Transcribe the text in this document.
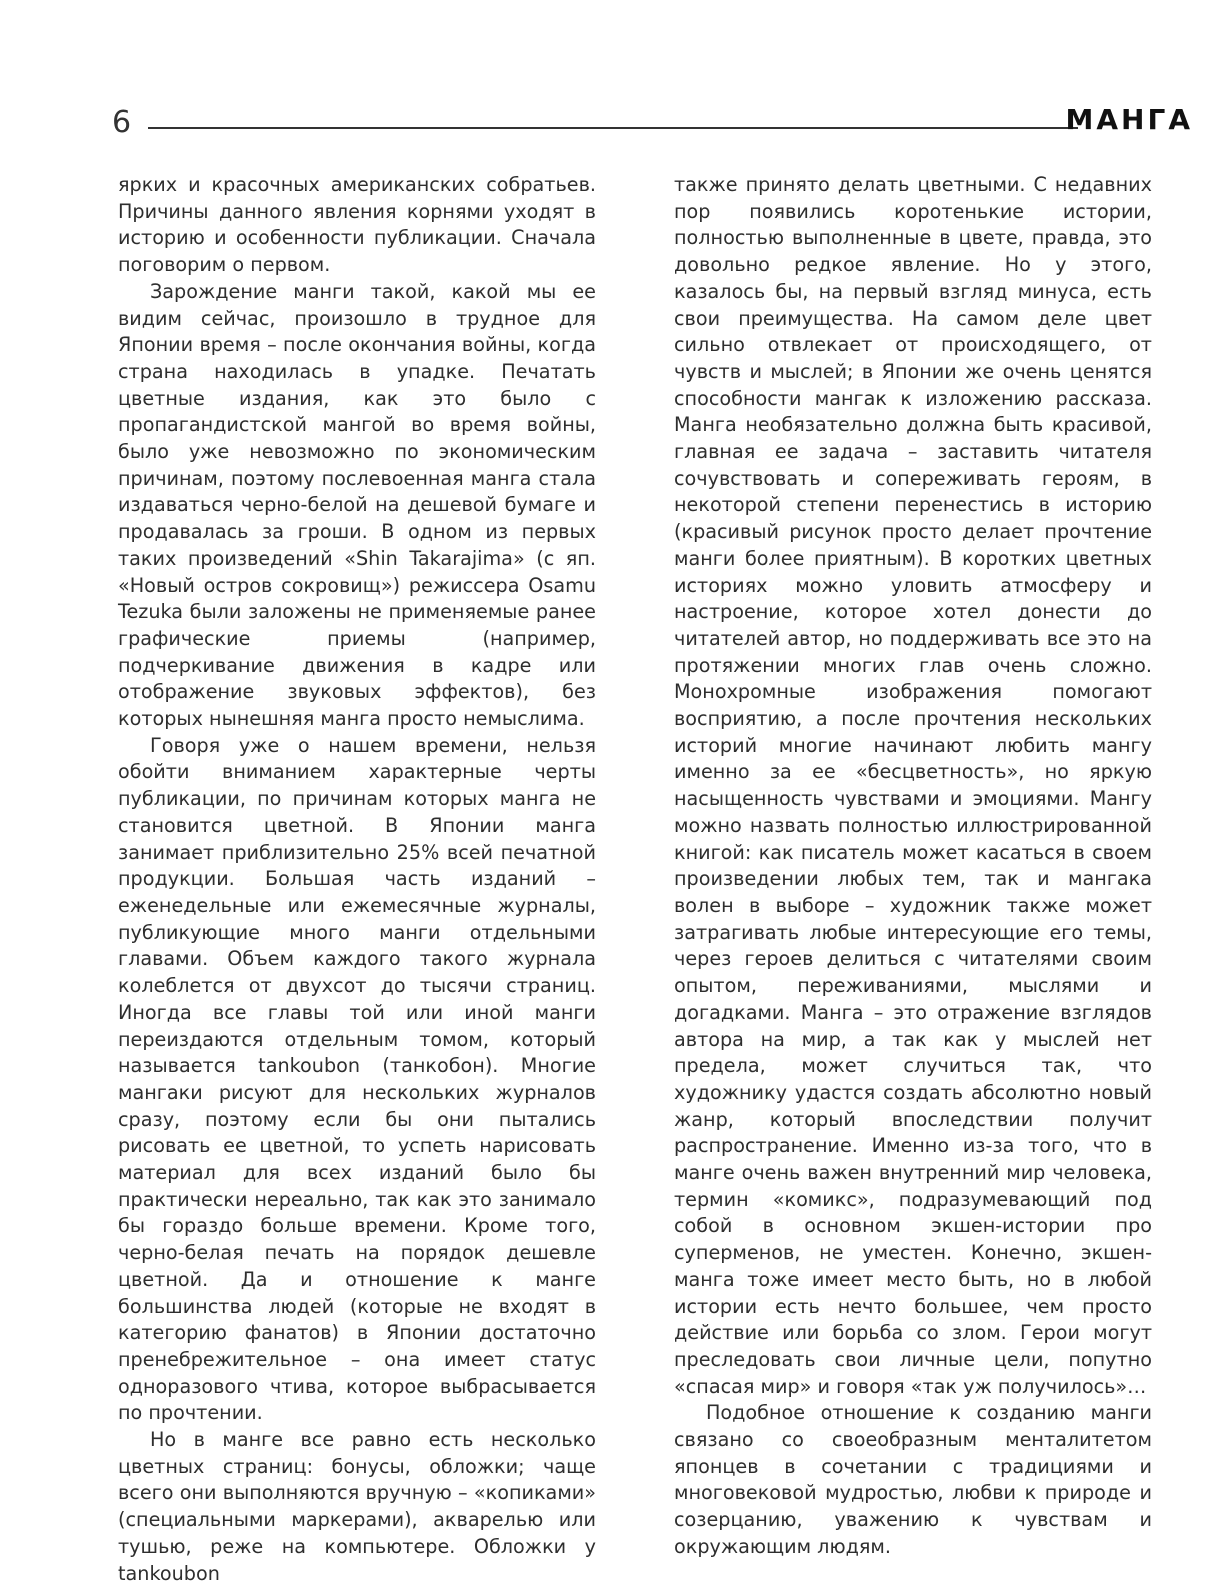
6	МАНГА

ярких и красочных американских собратьев. Причины данного явления корнями уходят в историю и особенности публикации. Сначала поговорим о первом.

Зарождение манги такой, какой мы ее видим сейчас, произошло в трудное для Японии время – после окончания войны, когда страна находилась в упадке. Печатать цветные издания, как это было с пропагандистской мангой во время войны, было уже невозможно по экономическим причинам, поэтому послевоенная манга стала издаваться черно-белой на дешевой бумаге и продавалась за гроши. В одном из первых таких произведений «Shin Takarajima» (с яп. «Новый остров сокровищ») режиссера Osamu Tezuka были заложены не применяемые ранее графические приемы (например, подчеркивание движения в кадре или отображение звуковых эффектов), без которых нынешняя манга просто немыслима.

Говоря уже о нашем времени, нельзя обойти вниманием характерные черты публикации, по причинам которых манга не становится цветной. В Японии манга занимает приблизительно 25% всей печатной продукции. Большая часть изданий – еженедельные или ежемесячные журналы, публикующие много манги отдельными главами. Объем каждого такого журнала колеблется от двухсот до тысячи страниц. Иногда все главы той или иной манги переиздаются отдельным томом, который называется tankoubon (танкобон). Многие мангаки рисуют для нескольких журналов сразу, поэтому если бы они пытались рисовать ее цветной, то успеть нарисовать материал для всех изданий было бы практически нереально, так как это занимало бы гораздо больше времени. Кроме того, черно-белая печать на порядок дешевле цветной. Да и отношение к манге большинства людей (которые не входят в категорию фанатов) в Японии достаточно пренебрежительное – она имеет статус одноразового чтива, которое выбрасывается по прочтении.

Но в манге все равно есть несколько цветных страниц: бонусы, обложки; чаще всего они выполняются вручную – «копиками» (специальными маркерами), акварелью или тушью, реже на компьютере. Обложки у tankoubon

также принято делать цветными. С недавних пор появились коротенькие истории, полностью выполненные в цвете, правда, это довольно редкое явление. Но у этого, казалось бы, на первый взгляд минуса, есть свои преимущества. На самом деле цвет сильно отвлекает от происходящего, от чувств и мыслей; в Японии же очень ценятся способности мангак к изложению рассказа. Манга необязательно должна быть красивой, главная ее задача – заставить читателя сочувствовать и сопереживать героям, в некоторой степени перенестись в историю (красивый рисунок просто делает прочтение манги более приятным). В коротких цветных историях можно уловить атмосферу и настроение, которое хотел донести до читателей автор, но поддерживать все это на протяжении многих глав очень сложно. Монохромные изображения помогают восприятию, а после прочтения нескольких историй многие начинают любить мангу именно за ее «бесцветность», но яркую насыщенность чувствами и эмоциями. Мангу можно назвать полностью иллюстрированной книгой: как писатель может касаться в своем произведении любых тем, так и мангака волен в выборе – художник также может затрагивать любые интересующие его темы, через героев делиться с читателями своим опытом, переживаниями, мыслями и догадками. Манга – это отражение взглядов автора на мир, а так как у мыслей нет предела, может случиться так, что художнику удастся создать абсолютно новый жанр, который впоследствии получит распространение. Именно из-за того, что в манге очень важен внутренний мир человека, термин «комикс», подразумевающий под собой в основном экшен-истории про суперменов, не уместен. Конечно, экшен-манга тоже имеет место быть, но в любой истории есть нечто большее, чем просто действие или борьба со злом. Герои могут преследовать свои личные цели, попутно «спасая мир» и говоря «так уж получилось»…

Подобное отношение к созданию манги связано со своеобразным менталитетом японцев в сочетании с традициями и многовековой мудростью, любви к природе и созерцанию, уважению к чувствам и окружающим людям.
